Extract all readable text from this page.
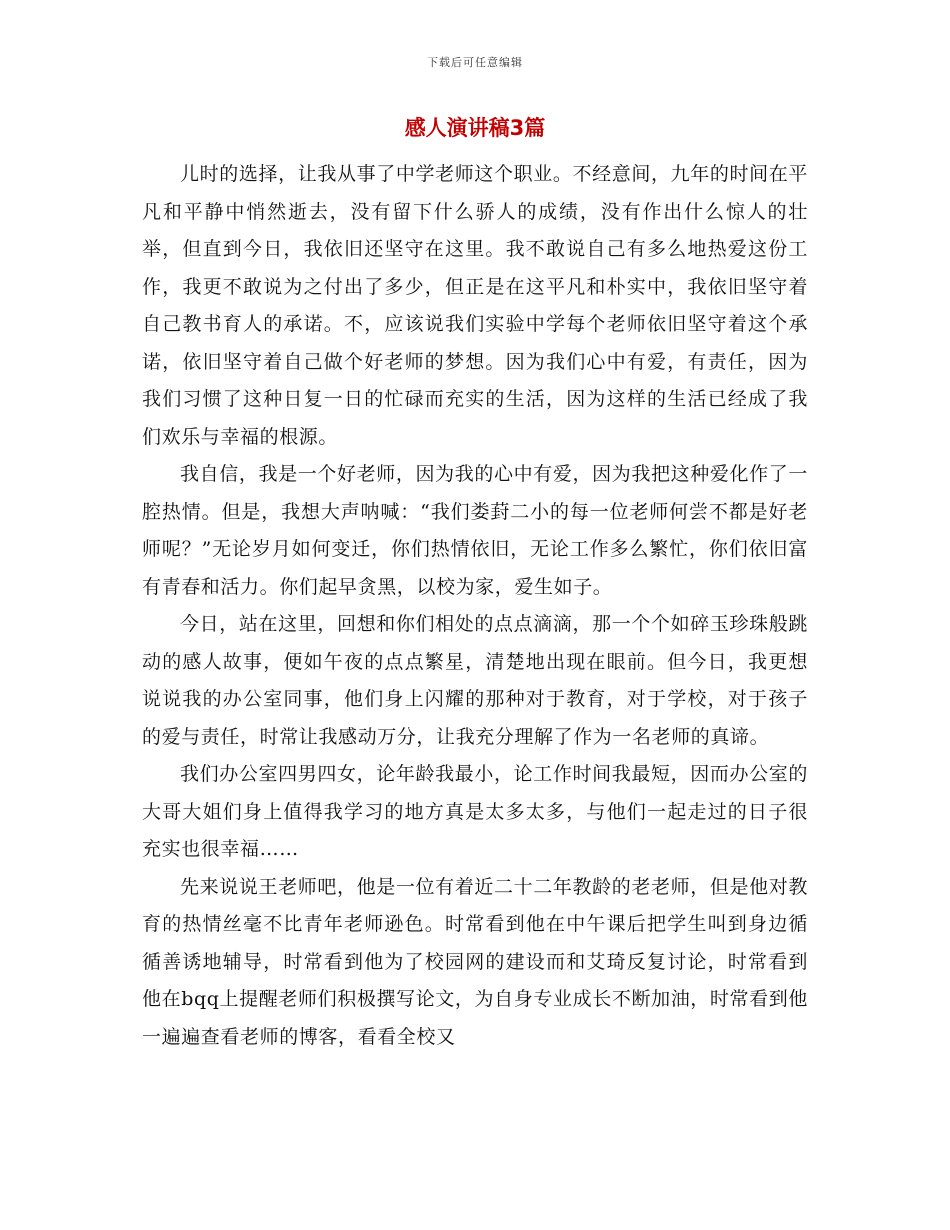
下载后可任意编辑
感人演讲稿3篇

儿时的选择，让我从事了中学老师这个职业。不经意间，九年的时间在平凡和平静中悄然逝去，没有留下什么骄人的成绩，没有作出什么惊人的壮举，但直到今日，我依旧还坚守在这里。我不敢说自己有多么地热爱这份工作，我更不敢说为之付出了多少，但正是在这平凡和朴实中，我依旧坚守着自己教书育人的承诺。不，应该说我们实验中学每个老师依旧坚守着这个承诺，依旧坚守着自己做个好老师的梦想。因为我们心中有爱，有责任，因为我们习惯了这种日复一日的忙碌而充实的生活，因为这样的生活已经成了我们欢乐与幸福的根源。

我自信，我是一个好老师，因为我的心中有爱，因为我把这种爱化作了一腔热情。但是，我想大声呐喊：“我们娄葑二小的每一位老师何尝不都是好老师呢？”无论岁月如何变迁，你们热情依旧，无论工作多么繁忙，你们依旧富有青春和活力。你们起早贪黑，以校为家，爱生如子。

今日，站在这里，回想和你们相处的点点滴滴，那一个个如碎玉珍珠般跳动的感人故事，便如午夜的点点繁星，清楚地出现在眼前。但今日，我更想说说我的办公室同事，他们身上闪耀的那种对于教育，对于学校，对于孩子的爱与责任，时常让我感动万分，让我充分理解了作为一名老师的真谛。

我们办公室四男四女，论年龄我最小，论工作时间我最短，因而办公室的大哥大姐们身上值得我学习的地方真是太多太多，与他们一起走过的日子很充实也很幸福……

先来说说王老师吧，他是一位有着近二十二年教龄的老老师，但是他对教育的热情丝毫不比青年老师逊色。时常看到他在中午课后把学生叫到身边循循善诱地辅导，时常看到他为了校园网的建设而和艾琦反复讨论，时常看到他在bqq上提醒老师们积极撰写论文，为自身专业成长不断加油，时常看到他一遍遍查看老师的博客，看看全校又
